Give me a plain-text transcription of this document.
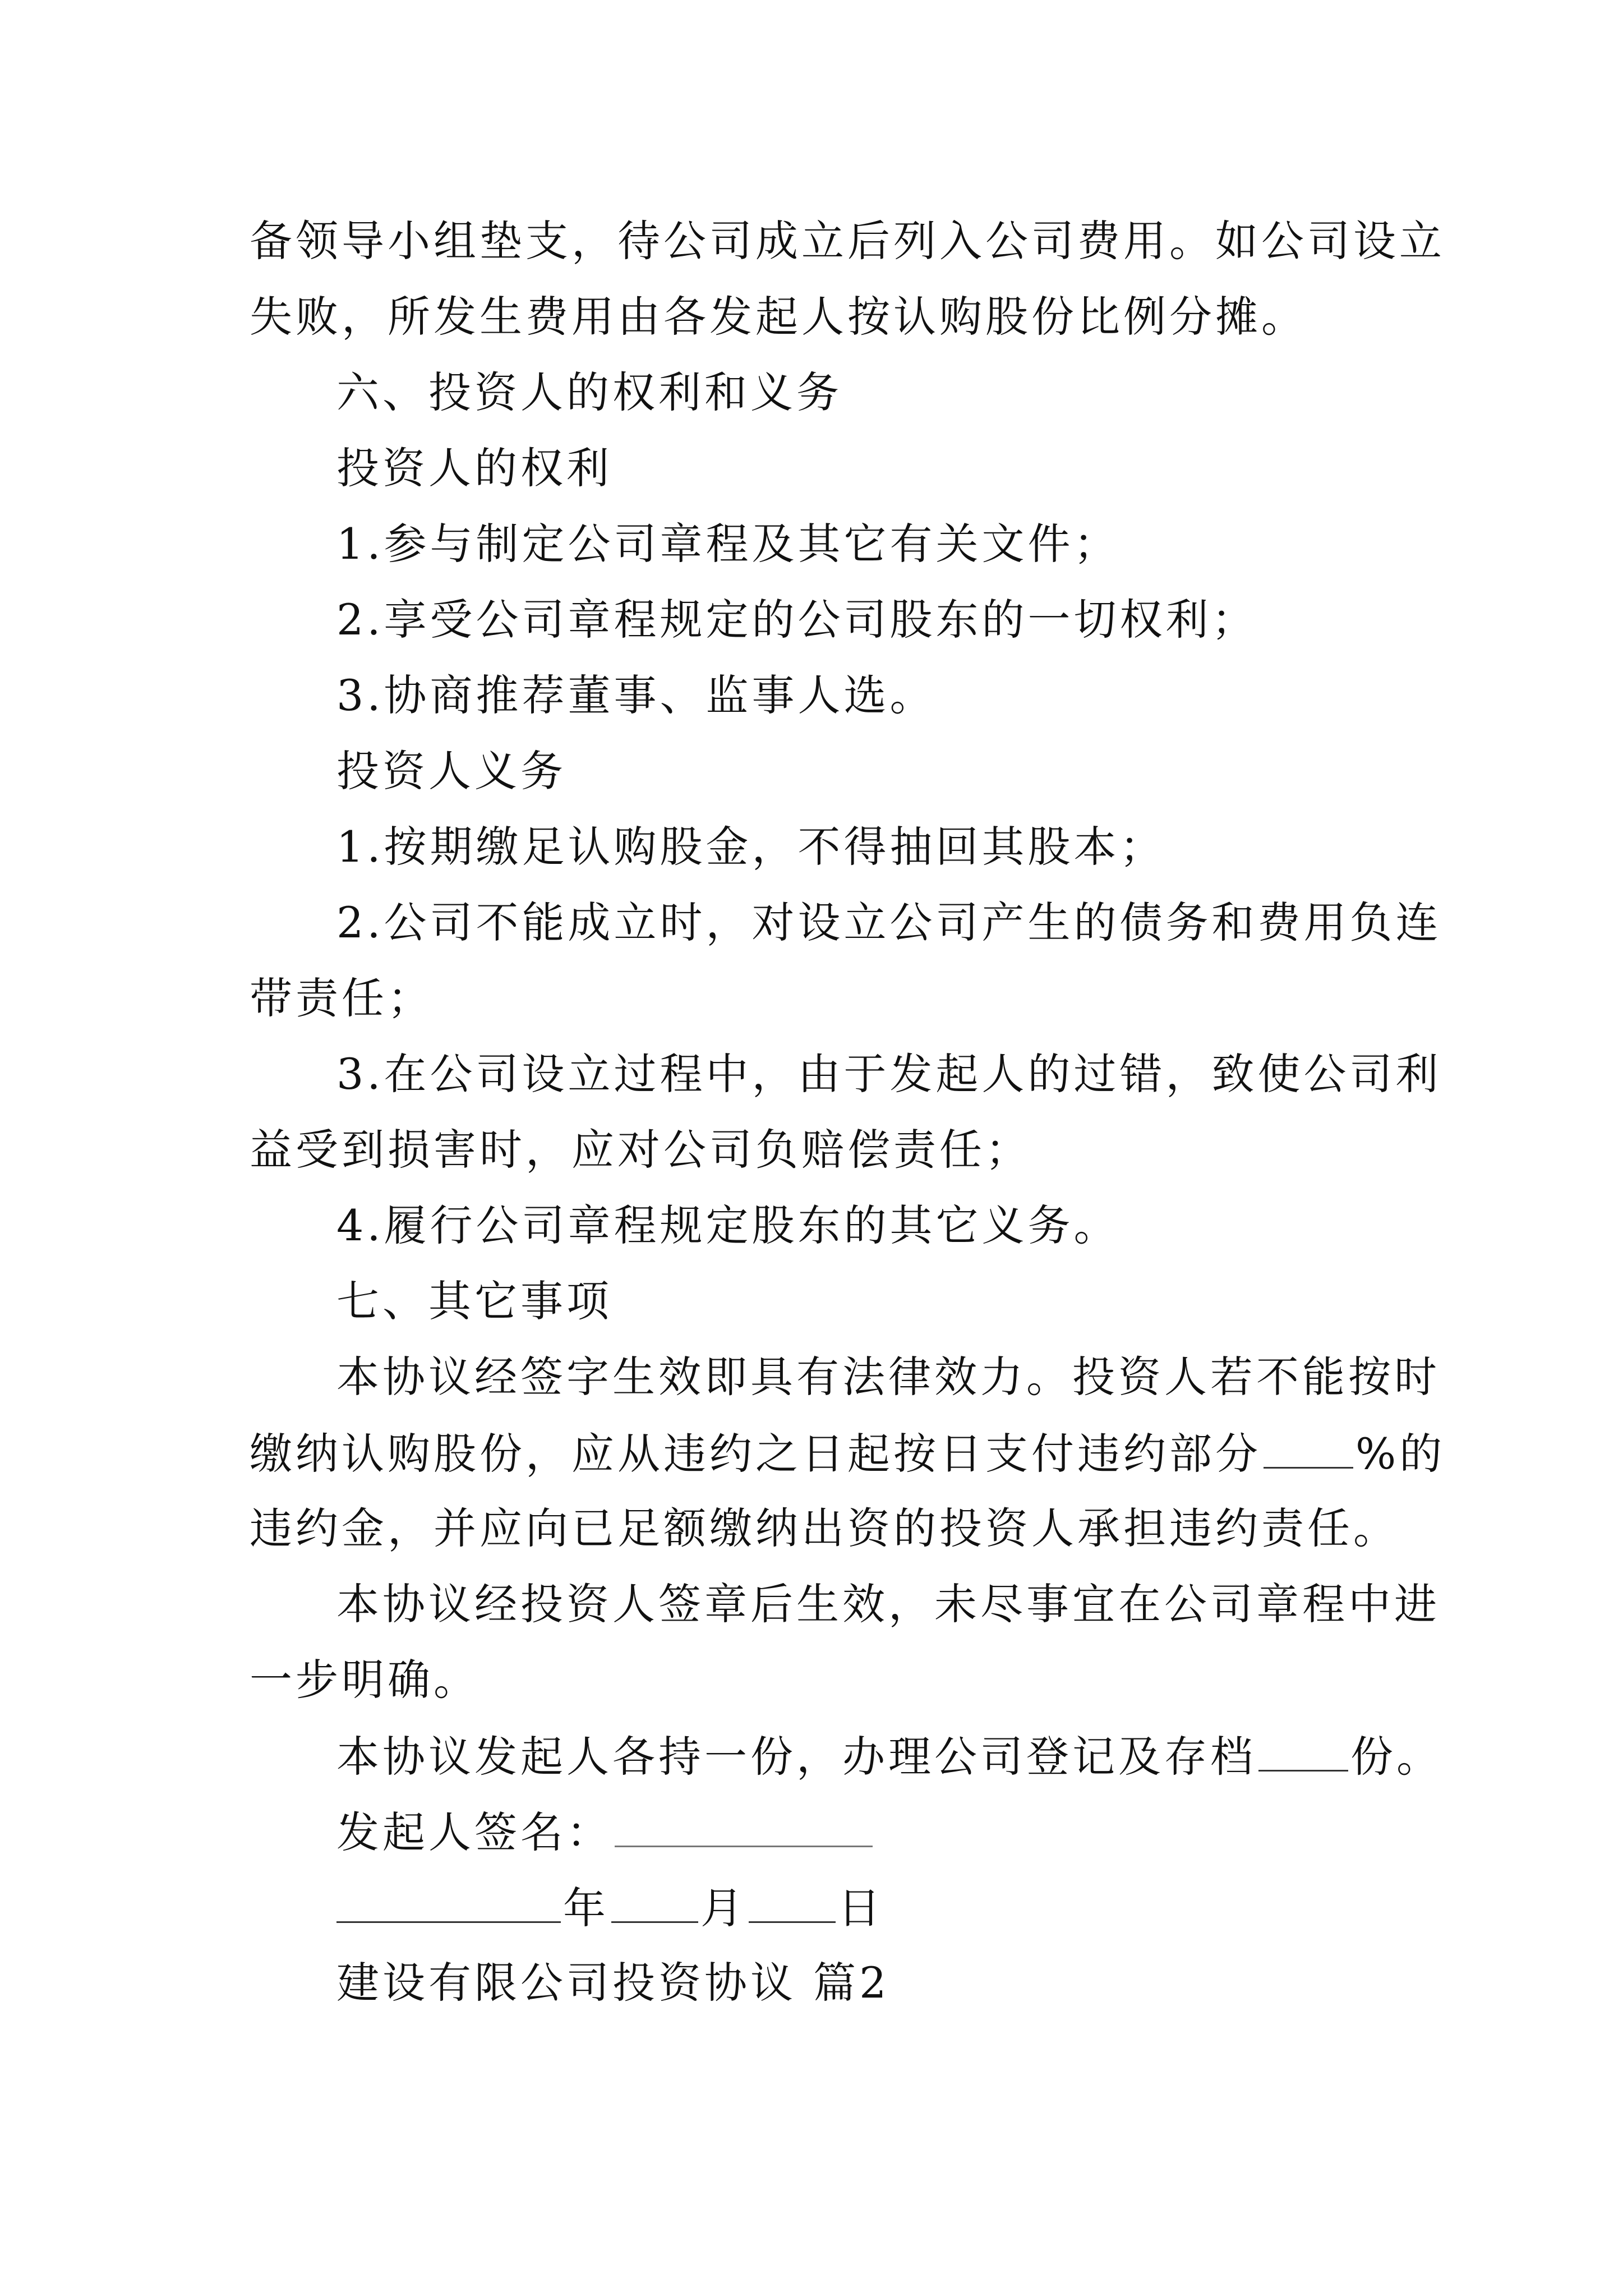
备领导小组垫支，待公司成立后列入公司费用。如公司设立
失败，所发生费用由各发起人按认购股份比例分摊。
六、投资人的权利和义务
投资人的权利
1.参与制定公司章程及其它有关文件；
2.享受公司章程规定的公司股东的一切权利；
3.协商推荐董事、监事人选。
投资人义务
1.按期缴足认购股金，不得抽回其股本；
2.公司不能成立时，对设立公司产生的债务和费用负连
带责任；
3.在公司设立过程中，由于发起人的过错，致使公司利
益受到损害时，应对公司负赔偿责任；
4.履行公司章程规定股东的其它义务。
七、其它事项
本协议经签字生效即具有法律效力。投资人若不能按时
缴纳认购股份，应从违约之日起按日支付违约部分 %的
违约金，并应向已足额缴纳出资的投资人承担违约责任。
本协议经投资人签章后生效，未尽事宜在公司章程中进
一步明确。
本协议发起人各持一份，办理公司登记及存档 份。
发起人签名：
年 月 日
建设有限公司投资协议 篇2
